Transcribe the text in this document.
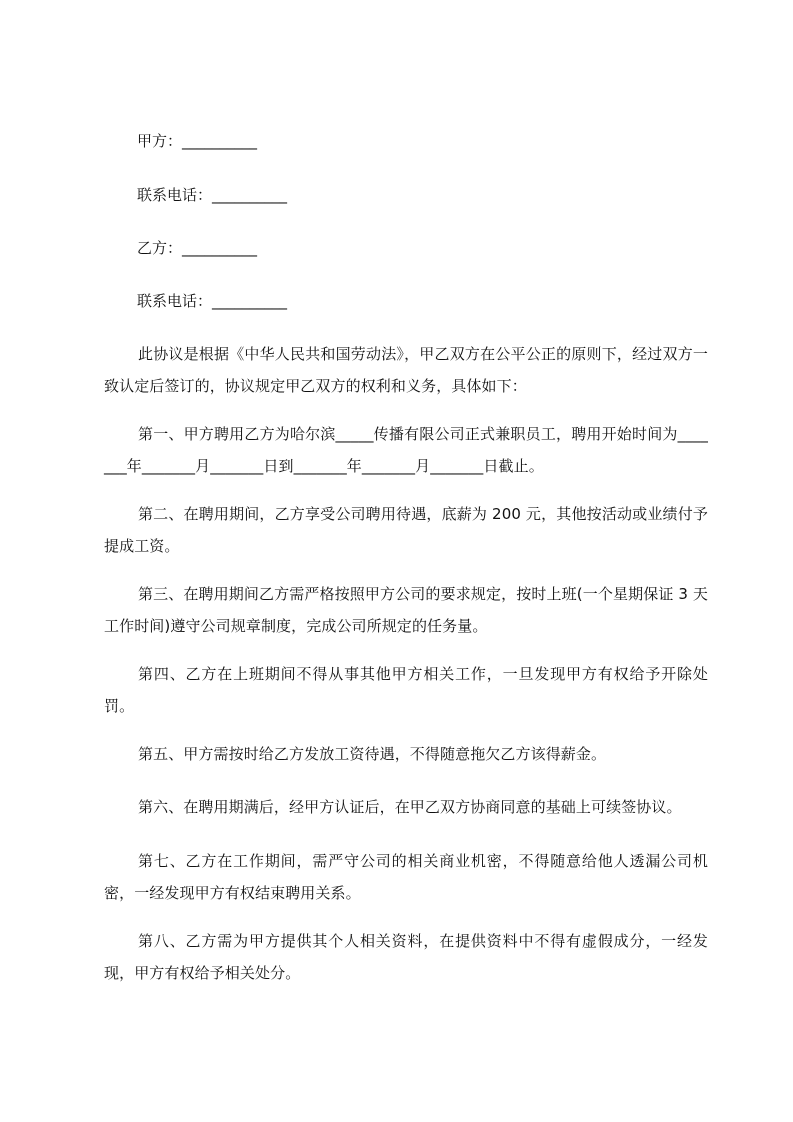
甲方：__________
联系电话：__________
乙方：__________
联系电话：__________
此协议是根据《中华人民共和国劳动法》，甲乙双方在公平公正的原则下，经过双方一致认定后签订的，协议规定甲乙双方的权利和义务，具体如下：
第一、甲方聘用乙方为哈尔滨_____传播有限公司正式兼职员工，聘用开始时间为_______年_______月_______日到_______年_______月_______日截止。
第二、在聘用期间，乙方享受公司聘用待遇，底薪为 200 元，其他按活动或业绩付予提成工资。
第三、在聘用期间乙方需严格按照甲方公司的要求规定，按时上班(一个星期保证 3 天工作时间)遵守公司规章制度，完成公司所规定的任务量。
第四、乙方在上班期间不得从事其他甲方相关工作，一旦发现甲方有权给予开除处罚。
第五、甲方需按时给乙方发放工资待遇，不得随意拖欠乙方该得薪金。
第六、在聘用期满后，经甲方认证后，在甲乙双方协商同意的基础上可续签协议。
第七、乙方在工作期间，需严守公司的相关商业机密，不得随意给他人透漏公司机密，一经发现甲方有权结束聘用关系。
第八、乙方需为甲方提供其个人相关资料，在提供资料中不得有虚假成分，一经发现，甲方有权给予相关处分。
